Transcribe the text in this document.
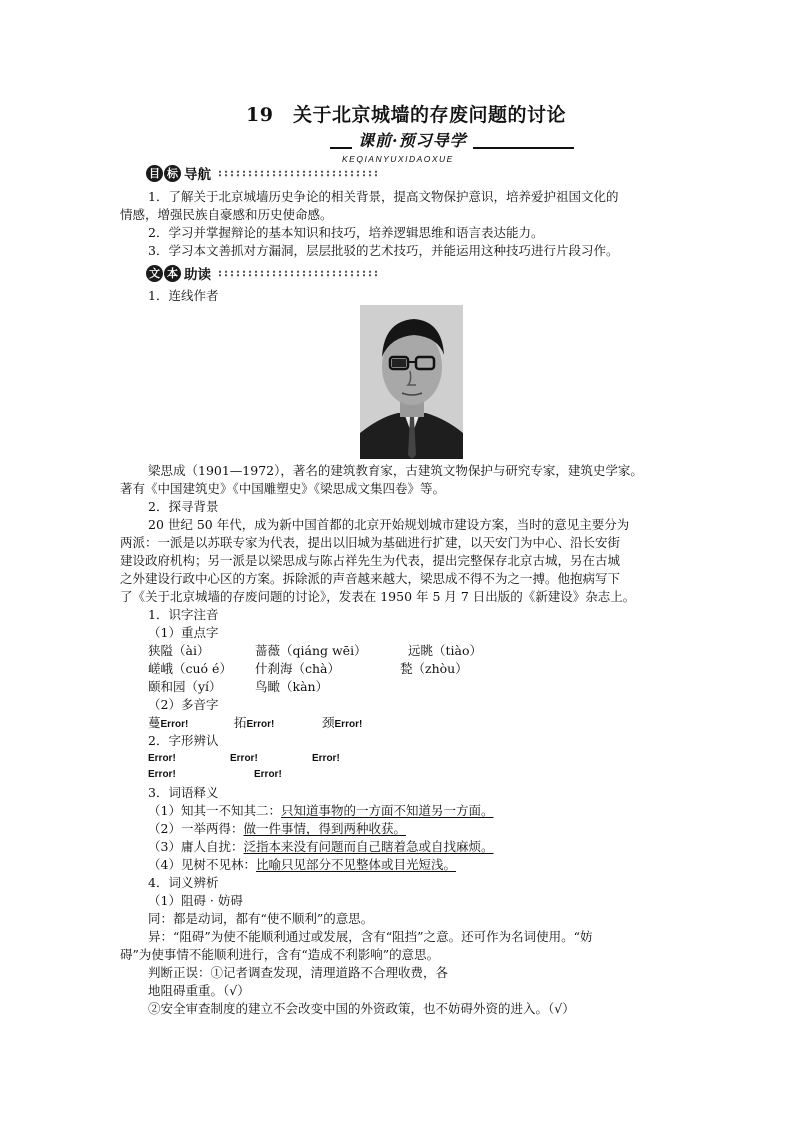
19　关于北京城墙的存废问题的讨论
课前·预习导学
KEQIANYUXIDAOXUE
目 标 导航
1．了解关于北京城墙历史争论的相关背景，提高文物保护意识，培养爱护祖国文化的
情感，增强民族自豪感和历史使命感。
2．学习并掌握辩论的基本知识和技巧，培养逻辑思维和语言表达能力。
3．学习本文善抓对方漏洞，层层批驳的艺术技巧，并能运用这种技巧进行片段习作。
文 本 助读
1．连线作者
梁思成（1901—1972），著名的建筑教育家，古建筑文物保护与研究专家，建筑史学家。
著有《中国建筑史》《中国雕塑史》《梁思成文集四卷》等。
2．探寻背景
20 世纪 50 年代，成为新中国首都的北京开始规划城市建设方案，当时的意见主要分为
两派：一派是以苏联专家为代表，提出以旧城为基础进行扩建，以天安门为中心、沿长安街
建设政府机构；另一派是以梁思成与陈占祥先生为代表，提出完整保存北京古城，另在古城
之外建设行政中心区的方案。拆除派的声音越来越大，梁思成不得不为之一搏。他抱病写下
了《关于北京城墙的存废问题的讨论》，发表在 1950 年 5 月 7 日出版的《新建设》杂志上。
1．识字注音
（1）重点字
狭隘（ài）	蔷薇（qiáng wēi）	远眺（tiào）
嵯峨（cuó é） 什刹海（chà）	甃（zhòu）
颐和园（yí）	鸟瞰（kàn）
（2）多音字
蔓Error!	拓Error!	颈Error!
2．字形辨认
Error!	Error!	Error!
Error!	Error!
3．词语释义
（1）知其一不知其二：只知道事物的一方面不知道另一方面。
（2）一举两得：做一件事情，得到两种收获。
（3）庸人自扰：泛指本来没有问题而自己瞎着急或自找麻烦。
（4）见树不见林：比喻只见部分不见整体或目光短浅。
4．词义辨析
（1）阻碍 · 妨碍
同：都是动词，都有“使不顺利”的意思。
异：“阻碍”为使不能顺利通过或发展，含有“阻挡”之意。还可作为名词使用。“妨
碍”为使事情不能顺利进行，含有“造成不利影响”的意思。
判断正误：①记者调查发现，清理道路不合理收费，各
地阻碍重重。（√）
②安全审查制度的建立不会改变中国的外资政策，也不妨碍外资的进入。（√）
